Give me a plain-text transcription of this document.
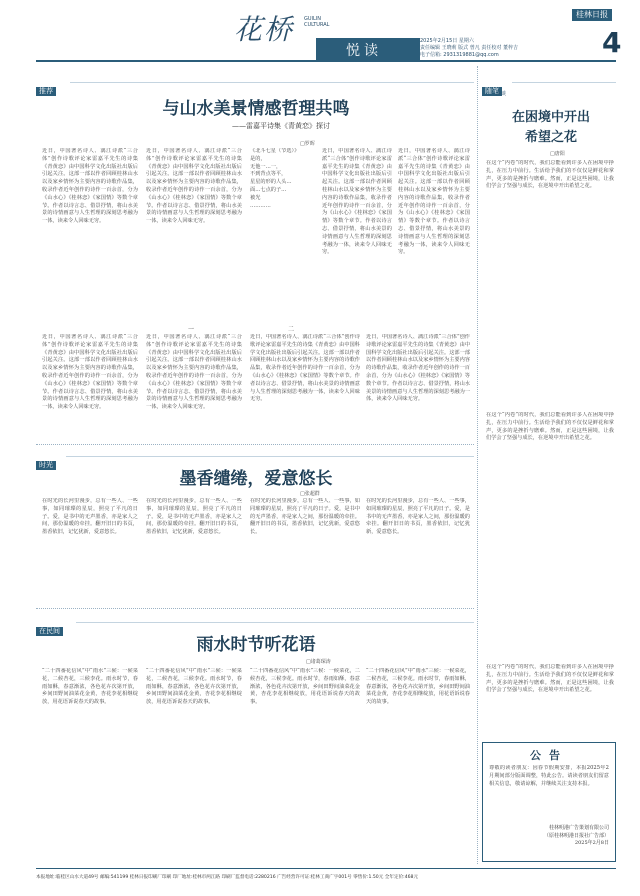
花桥 GUILIN CULTURAL
悦读
2025年2月15日 星期六
责任编辑 王晓莉 版式 曾凡 责任校对 董梓吉
电子信箱: 2931319881@qq.com
桂林日报
4
推荐
与山水美景情感哲理共鸣
——雷嘉平诗集《青黄恋》探讨
□罗晖
近日，中国著名诗人、漓江诗派“三合体”创作诗歌评论家雷嘉平先生的诗集《青黄恋》由中国科学文化出版社出版后引起关注。这部一部以作者回顾桂林山水以及家乡情怀为主要内容的诗歌作品集，收录作者近年创作的诗作一百余首，分为《山水心》《桂林恋》《家国情》等数个章节。作者以诗言志、借景抒情，将山水美景的诗情画意与人生哲理的深刻思考融为一体，读来令人回味无穷。
近日，中国著名诗人、漓江诗派“三合体”创作诗歌评论家雷嘉平先生的诗集《青黄恋》由中国科学文化出版社出版后引起关注。这部一部以作者回顾桂林山水以及家乡情怀为主要内容的诗歌作品集，收录作者近年创作的诗作一百余首，分为《山水心》《桂林恋》《家国情》等数个章节。作者以诗言志、借景抒情，将山水美景的诗情画意与人生哲理的深刻思考融为一体，读来令人回味无穷。
《北斗七星（节选）》
是的，
无他一…一，
不到背点等平，
星星的形的人头…
面…七点的子…
被光
…………
近日，中国著名诗人、漓江诗派“三合体”创作诗歌评论家雷嘉平先生的诗集《青黄恋》由中国科学文化出版社出版后引起关注。这部一部以作者回顾桂林山水以及家乡情怀为主要内容的诗歌作品集，收录作者近年创作的诗作一百余首，分为《山水心》《桂林恋》《家国情》等数个章节。作者以诗言志、借景抒情，将山水美景的诗情画意与人生哲理的深刻思考融为一体，读来令人回味无穷。
近日，中国著名诗人、漓江诗派“三合体”创作诗歌评论家雷嘉平先生的诗集《青黄恋》由中国科学文化出版社出版后引起关注。这部一部以作者回顾桂林山水以及家乡情怀为主要内容的诗歌作品集，收录作者近年创作的诗作一百余首，分为《山水心》《桂林恋》《家国情》等数个章节。作者以诗言志、借景抒情，将山水美景的诗情画意与人生哲理的深刻思考融为一体，读来令人回味无穷。
一	二
近日，中国著名诗人、漓江诗派“三合体”创作诗歌评论家雷嘉平先生的诗集《青黄恋》由中国科学文化出版社出版后引起关注。这部一部以作者回顾桂林山水以及家乡情怀为主要内容的诗歌作品集，收录作者近年创作的诗作一百余首，分为《山水心》《桂林恋》《家国情》等数个章节。作者以诗言志、借景抒情，将山水美景的诗情画意与人生哲理的深刻思考融为一体，读来令人回味无穷。
近日，中国著名诗人、漓江诗派“三合体”创作诗歌评论家雷嘉平先生的诗集《青黄恋》由中国科学文化出版社出版后引起关注。这部一部以作者回顾桂林山水以及家乡情怀为主要内容的诗歌作品集，收录作者近年创作的诗作一百余首，分为《山水心》《桂林恋》《家国情》等数个章节。作者以诗言志、借景抒情，将山水美景的诗情画意与人生哲理的深刻思考融为一体，读来令人回味无穷。
近日，中国著名诗人、漓江诗派“三合体”创作诗歌评论家雷嘉平先生的诗集《青黄恋》由中国科学文化出版社出版后引起关注。这部一部以作者回顾桂林山水以及家乡情怀为主要内容的诗歌作品集，收录作者近年创作的诗作一百余首，分为《山水心》《桂林恋》《家国情》等数个章节。作者以诗言志、借景抒情，将山水美景的诗情画意与人生哲理的深刻思考融为一体，读来令人回味无穷。
近日，中国著名诗人、漓江诗派“三合体”创作诗歌评论家雷嘉平先生的诗集《青黄恋》由中国科学文化出版社出版后引起关注。这部一部以作者回顾桂林山水以及家乡情怀为主要内容的诗歌作品集，收录作者近年创作的诗作一百余首，分为《山水心》《桂林恋》《家国情》等数个章节。作者以诗言志、借景抒情，将山水美景的诗情画意与人生哲理的深刻思考融为一体，读来令人回味无穷。
时光
墨香缱绻，爱意悠长
□张超群
在时光的长河里漫步，总有一些人、一些事，如同璀璨的星辰，照亮了平凡的日子。爱，是书中的无声墨香，亦是家人之间，那份温暖的牵挂。翻开旧日的书页，墨香依旧，记忆犹新，爱意悠长。
在时光的长河里漫步，总有一些人、一些事，如同璀璨的星辰，照亮了平凡的日子。爱，是书中的无声墨香，亦是家人之间，那份温暖的牵挂。翻开旧日的书页，墨香依旧，记忆犹新，爱意悠长。
在时光的长河里漫步，总有一些人、一些事，如同璀璨的星辰，照亮了平凡的日子。爱，是书中的无声墨香，亦是家人之间，那份温暖的牵挂。翻开旧日的书页，墨香依旧，记忆犹新，爱意悠长。
在时光的长河里漫步，总有一些人、一些事，如同璀璨的星辰，照亮了平凡的日子。爱，是书中的无声墨香，亦是家人之间，那份温暖的牵挂。翻开旧日的书页，墨香依旧，记忆犹新，爱意悠长。
在民间
雨水时节听花语
□诸葛琛涛
“二十四番花信风”中“雨水”三候：一候菜花，二候杏花，三候李花。雨水时节，春雨如酥，春意渐浓，各色花卉次第开放，乡间田野间油菜花金黄，杏花李花相继绽放，用花语诉说春天的故事。
“二十四番花信风”中“雨水”三候：一候菜花，二候杏花，三候李花。雨水时节，春雨如酥，春意渐浓，各色花卉次第开放，乡间田野间油菜花金黄，杏花李花相继绽放，用花语诉说春天的故事。
“二十四番花信风”中“雨水”三候：一候菜花，二候杏花，三候李花。雨水时节，春雨如酥，春意渐浓，各色花卉次第开放，乡间田野间油菜花金黄，杏花李花相继绽放，用花语诉说春天的故事。
“二十四番花信风”中“雨水”三候：一候菜花，二候杏花，三候李花。雨水时节，春雨如酥，春意渐浓，各色花卉次第开放，乡间田野间油菜花金黄，杏花李花相继绽放，用花语诉说春天的故事。
随笔
漫谈
在困境中开出
希望之花
□唐阳
在这个“内卷”的时代，我们总能看到许多人在困境中挣扎，在压力中前行。生活给予我们的不仅仅是鲜花和掌声，更多的是挫折与磨难。然而，正是这些困境，让我们学会了坚强与成长，在逆境中开出希望之花。
在这个“内卷”的时代，我们总能看到许多人在困境中挣扎，在压力中前行。生活给予我们的不仅仅是鲜花和掌声，更多的是挫折与磨难。然而，正是这些困境，让我们学会了坚强与成长，在逆境中开出希望之花。
在这个“内卷”的时代，我们总能看到许多人在困境中挣扎，在压力中前行。生活给予我们的不仅仅是鲜花和掌声，更多的是挫折与磨难。然而，正是这些困境，让我们学会了坚强与成长，在逆境中开出希望之花。
公告
尊敬的读者朋友：因春节假期安排，本报2025年2月期间部分版面调整，特此公告。请读者朋友们留意相关信息，敬请谅解，并继续关注支持本报。
桂林明港广告策划有限公司
（原桂林明港日报社广告部）
2025年2月8日
本报地址:临桂区山水大道49号 邮编:541199 桂林日报印刷厂印刷 印厂地址:桂林市两江路 印刷厂监督电话:2280216 广告经营许可证:桂林工商广字001号 零售价:1.50元 全年定价:468元
